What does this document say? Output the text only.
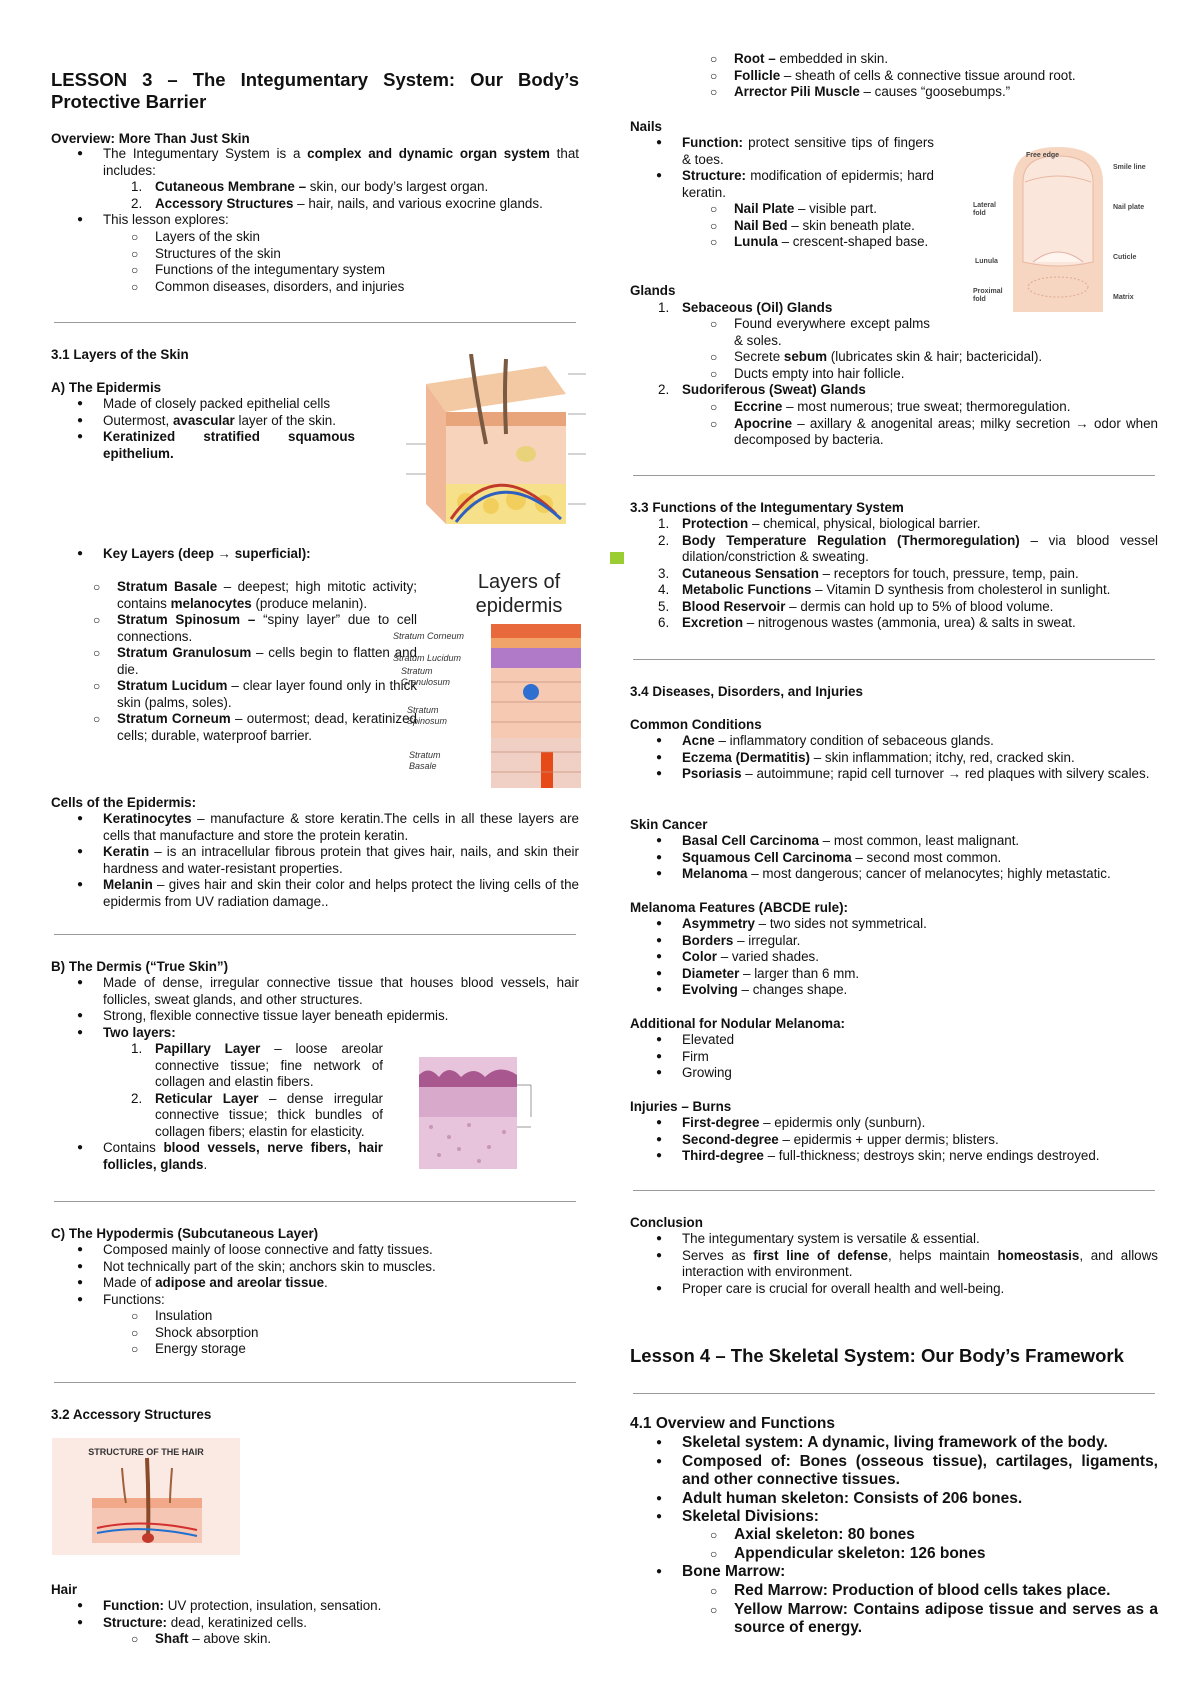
LESSON 3 – The Integumentary System: Our Body’s Protective Barrier
Overview: More Than Just Skin
● The Integumentary System is a complex and dynamic organ system that includes:
1. Cutaneous Membrane – skin, our body’s largest organ.
2. Accessory Structures – hair, nails, and various exocrine glands.
● This lesson explores:
○ Layers of the skin
○ Structures of the skin
○ Functions of the integumentary system
○ Common diseases, disorders, and injuries
3.1 Layers of the Skin
A) The Epidermis
● Made of closely packed epithelial cells
● Outermost, avascular layer of the skin.
● Keratinized stratified squamous epithelium.
● Key Layers (deep → superficial):
○ Stratum Basale – deepest; high mitotic activity; contains melanocytes (produce melanin).
○ Stratum Spinosum – “spiny layer” due to cell connections.
○ Stratum Granulosum – cells begin to flatten and die.
○ Stratum Lucidum – clear layer found only in thick skin (palms, soles).
○ Stratum Corneum – outermost; dead, keratinized cells; durable, waterproof barrier.
Layers of
epidermis
Stratum Corneum
Stratum Lucidum
Stratum Granulosum
Stratum Spinosum
Stratum Basale
Cells of the Epidermis:
● Keratinocytes – manufacture & store keratin.The cells in all these layers are cells that manufacture and store the protein keratin.
● Keratin – is an intracellular fibrous protein that gives hair, nails, and skin their hardness and water-resistant properties.
● Melanin – gives hair and skin their color and helps protect the living cells of the epidermis from UV radiation damage..
B) The Dermis (“True Skin”)
● Made of dense, irregular connective tissue that houses blood vessels, hair follicles, sweat glands, and other structures.
● Strong, flexible connective tissue layer beneath epidermis.
● Two layers:
1. Papillary Layer – loose areolar connective tissue; fine network of collagen and elastin fibers.
2. Reticular Layer – dense irregular connective tissue; thick bundles of collagen fibers; elastin for elasticity.
● Contains blood vessels, nerve fibers, hair follicles, glands.
C) The Hypodermis (Subcutaneous Layer)
● Composed mainly of loose connective and fatty tissues.
● Not technically part of the skin; anchors skin to muscles.
● Made of adipose and areolar tissue.
● Functions:
○ Insulation
○ Shock absorption
○ Energy storage
3.2 Accessory Structures
STRUCTURE OF THE HAIR
Hair
● Function: UV protection, insulation, sensation.
● Structure: dead, keratinized cells.
○ Shaft – above skin.
○ Root – embedded in skin.
○ Follicle – sheath of cells & connective tissue around root.
○ Arrector Pili Muscle – causes “goosebumps.”
Nails
● Function: protect sensitive tips of fingers & toes.
● Structure: modification of epidermis; hard keratin.
○ Nail Plate – visible part.
○ Nail Bed – skin beneath plate.
○ Lunula – crescent-shaped base.
Free edge
Smile line
Lateral fold
Nail plate
Lunula
Cuticle
Proximal fold	Matrix
Glands
1. Sebaceous (Oil) Glands
○ Found everywhere except palms & soles.
○ Secrete sebum (lubricates skin & hair; bactericidal).
○ Ducts empty into hair follicle.
2. Sudoriferous (Sweat) Glands
○ Eccrine – most numerous; true sweat; thermoregulation.
○ Apocrine – axillary & anogenital areas; milky secretion → odor when decomposed by bacteria.
3.3 Functions of the Integumentary System
1. Protection – chemical, physical, biological barrier.
2. Body Temperature Regulation (Thermoregulation) – via blood vessel dilation/constriction & sweating.
3. Cutaneous Sensation – receptors for touch, pressure, temp, pain.
4. Metabolic Functions – Vitamin D synthesis from cholesterol in sunlight.
5. Blood Reservoir – dermis can hold up to 5% of blood volume.
6. Excretion – nitrogenous wastes (ammonia, urea) & salts in sweat.
3.4 Diseases, Disorders, and Injuries
Common Conditions
● Acne – inflammatory condition of sebaceous glands.
● Eczema (Dermatitis) – skin inflammation; itchy, red, cracked skin.
● Psoriasis – autoimmune; rapid cell turnover → red plaques with silvery scales.
Skin Cancer
● Basal Cell Carcinoma – most common, least malignant.
● Squamous Cell Carcinoma – second most common.
● Melanoma – most dangerous; cancer of melanocytes; highly metastatic.
Melanoma Features (ABCDE rule):
● Asymmetry – two sides not symmetrical.
● Borders – irregular.
● Color – varied shades.
● Diameter – larger than 6 mm.
● Evolving – changes shape.
Additional for Nodular Melanoma:
● Elevated
● Firm
● Growing
Injuries – Burns
● First-degree – epidermis only (sunburn).
● Second-degree – epidermis + upper dermis; blisters.
● Third-degree – full-thickness; destroys skin; nerve endings destroyed.
Conclusion
● The integumentary system is versatile & essential.
● Serves as first line of defense, helps maintain homeostasis, and allows interaction with environment.
● Proper care is crucial for overall health and well-being.
Lesson 4 – The Skeletal System: Our Body’s Framework
4.1 Overview and Functions
● Skeletal system: A dynamic, living framework of the body.
● Composed of: Bones (osseous tissue), cartilages, ligaments, and other connective tissues.
● Adult human skeleton: Consists of 206 bones.
● Skeletal Divisions:
○ Axial skeleton: 80 bones
○ Appendicular skeleton: 126 bones
● Bone Marrow:
○ Red Marrow: Production of blood cells takes place.
○ Yellow Marrow: Contains adipose tissue and serves as a source of energy.
